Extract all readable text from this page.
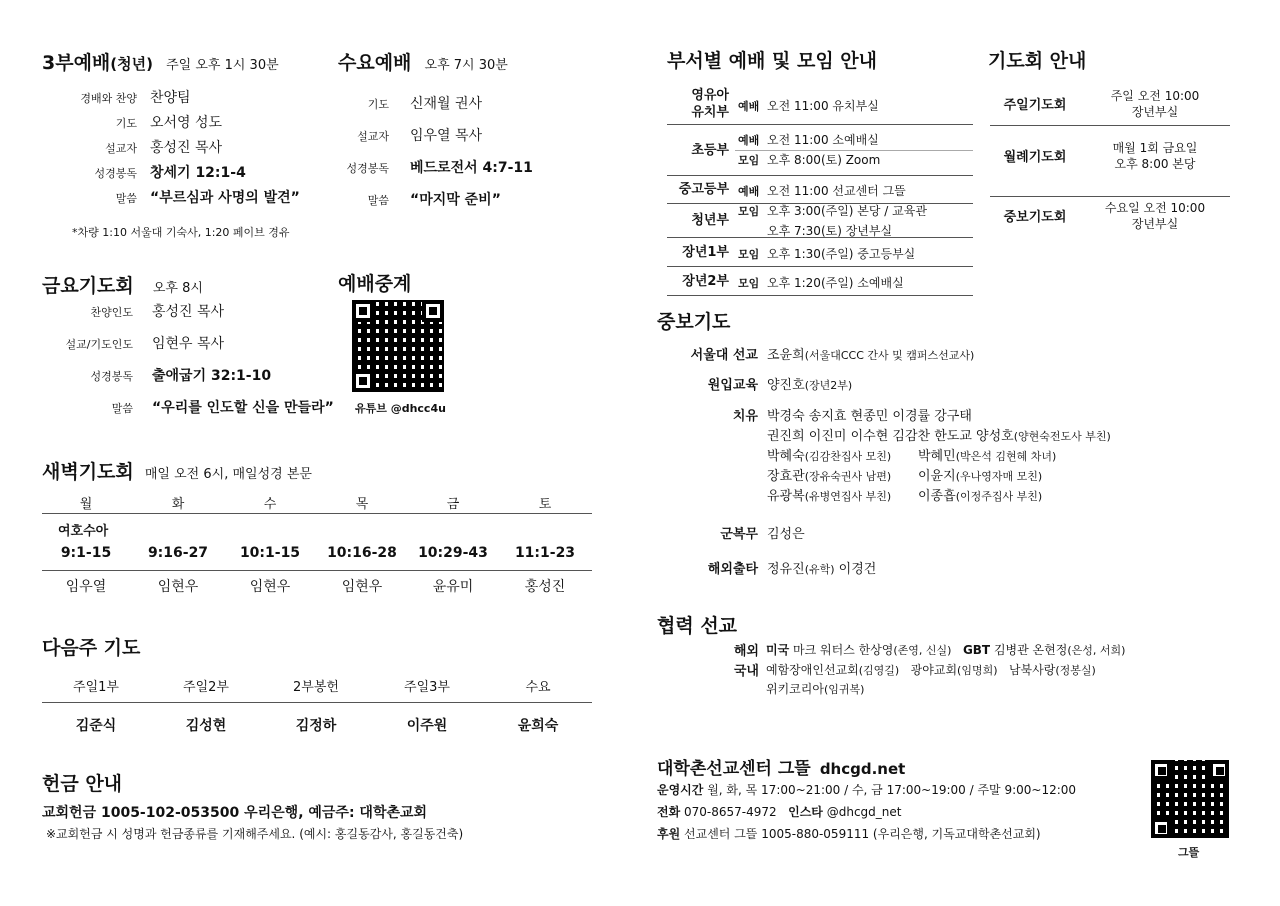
3부예배(청년) 주일 오후 1시 30분
경배와 찬양 찬양팀
기도 오서영 성도
설교자 홍성진 목사
성경봉독 창세기 12:1-4
말씀 “부르심과 사명의 발견”
*차량 1:10 서울대 기숙사, 1:20 페이브 경유
수요예배 오후 7시 30분
기도 신재월 권사
설교자 임우열 목사
성경봉독 베드로전서 4:7-11
말씀 “마지막 준비”
금요기도회 오후 8시
찬양인도 홍성진 목사
설교/기도인도 임현우 목사
성경봉독 출애굽기 32:1-10
말씀 “우리를 인도할 신을 만들라”
예배중계
유튜브 @dhcc4u
새벽기도회 매일 오전 6시, 매일성경 본문
월
9:1-15
임우열
화
9:16-27
임현우
수
10:1-15
임현우
목
10:16-28
임현우
금
10:29-43
윤유미
토
11:1-23
홍성진
여호수아
다음주 기도
주일1부
김준식
주일2부
김성현
2부봉헌
김정하
주일3부
이주원
수요
윤희숙
헌금 안내
교회헌금 1005-102-053500 우리은행, 예금주: 대학촌교회
※교회헌금 시 성명과 헌금종류를 기재해주세요. (예시: 홍길동감사, 홍길동건축)
부서별 예배 및 모임 안내
영유아
유치부 예배 오전 11:00 유치부실
초등부
예배 오전 11:00 소예배실
모임 오후 8:00(토) Zoom
중고등부 예배 오전 11:00 선교센터 그뜰
청년부
모임 오후 3:00(주일) 본당 / 교육관
오후 7:30(토) 장년부실
장년1부 모임 오후 1:30(주일) 중고등부실
장년2부 모임 오후 1:20(주일) 소예배실
기도회 안내
주일기도회
주일 오전 10:00
장년부실
월례기도회
매월 1회 금요일
오후 8:00 본당
중보기도회
수요일 오전 10:00
장년부실
중보기도
서울대 선교 조윤희(서울대CCC 간사 및 캠퍼스선교사)
원입교육 양진호(장년2부)
치유 박경숙 송지효 현종민 이경률 강구태
권진희 이진미 이수현 김감찬 한도교 양성호(양현숙전도사 부친)
박혜숙(김감찬집사 모친) 박혜민(박은석 김현혜 차녀)
장효관(장유숙권사 남편) 이윤지(우나영자매 모친)
유광복(유병연집사 부친) 이종흡(이정주집사 부친)
군복무 김성은
해외출타 정유진(유학) 이경건
협력 선교
해외 미국 마크 워터스 한상영(존영, 신실) GBT 김병관 온현정(은성, 서희)
국내 예함장애인선교회(김영길) 광야교회(임명희) 남북사랑(정봉실)
위키코리아(임귀복)
대학촌선교센터 그뜰 dhcgd.net
운영시간 월, 화, 목 17:00~21:00 / 수, 금 17:00~19:00 / 주말 9:00~12:00
전화 070-8657-4972 인스타 @dhcgd_net
후원 선교센터 그뜰 1005-880-059111 (우리은행, 기독교대학촌선교회)
그뜰
